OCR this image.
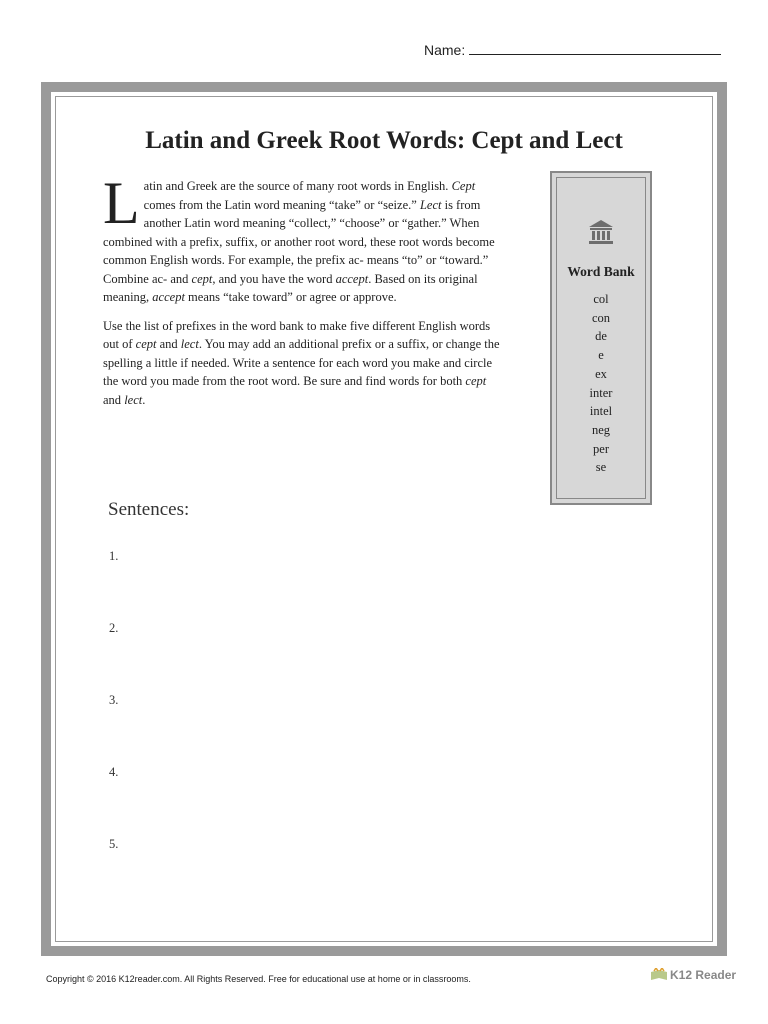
Name:
Latin and Greek Root Words: Cept and Lect

Latin and Greek are the source of many root words in English. Cept comes from the Latin word meaning “take” or “seize.” Lect is from another Latin word meaning “collect,” “choose” or “gather.” When combined with a prefix, suffix, or another root word, these root words become common English words. For example, the prefix ac- means “to” or “toward.” Combine ac- and cept, and you have the word accept. Based on its original meaning, accept means “take toward” or agree or approve.

Use the list of prefixes in the word bank to make five different English words out of cept and lect. You may add an additional prefix or a suffix, or change the spelling a little if needed. Write a sentence for each word you make and circle the word you made from the root word. Be sure and find words for both cept and lect.

Word Bank
col
con
de
e
ex
inter
intel
neg
per
se
Sentences:
1.
2.
3.
4.
5.
Copyright © 2016 K12reader.com. All Rights Reserved. Free for educational use at home or in classrooms.	K12 Reader
